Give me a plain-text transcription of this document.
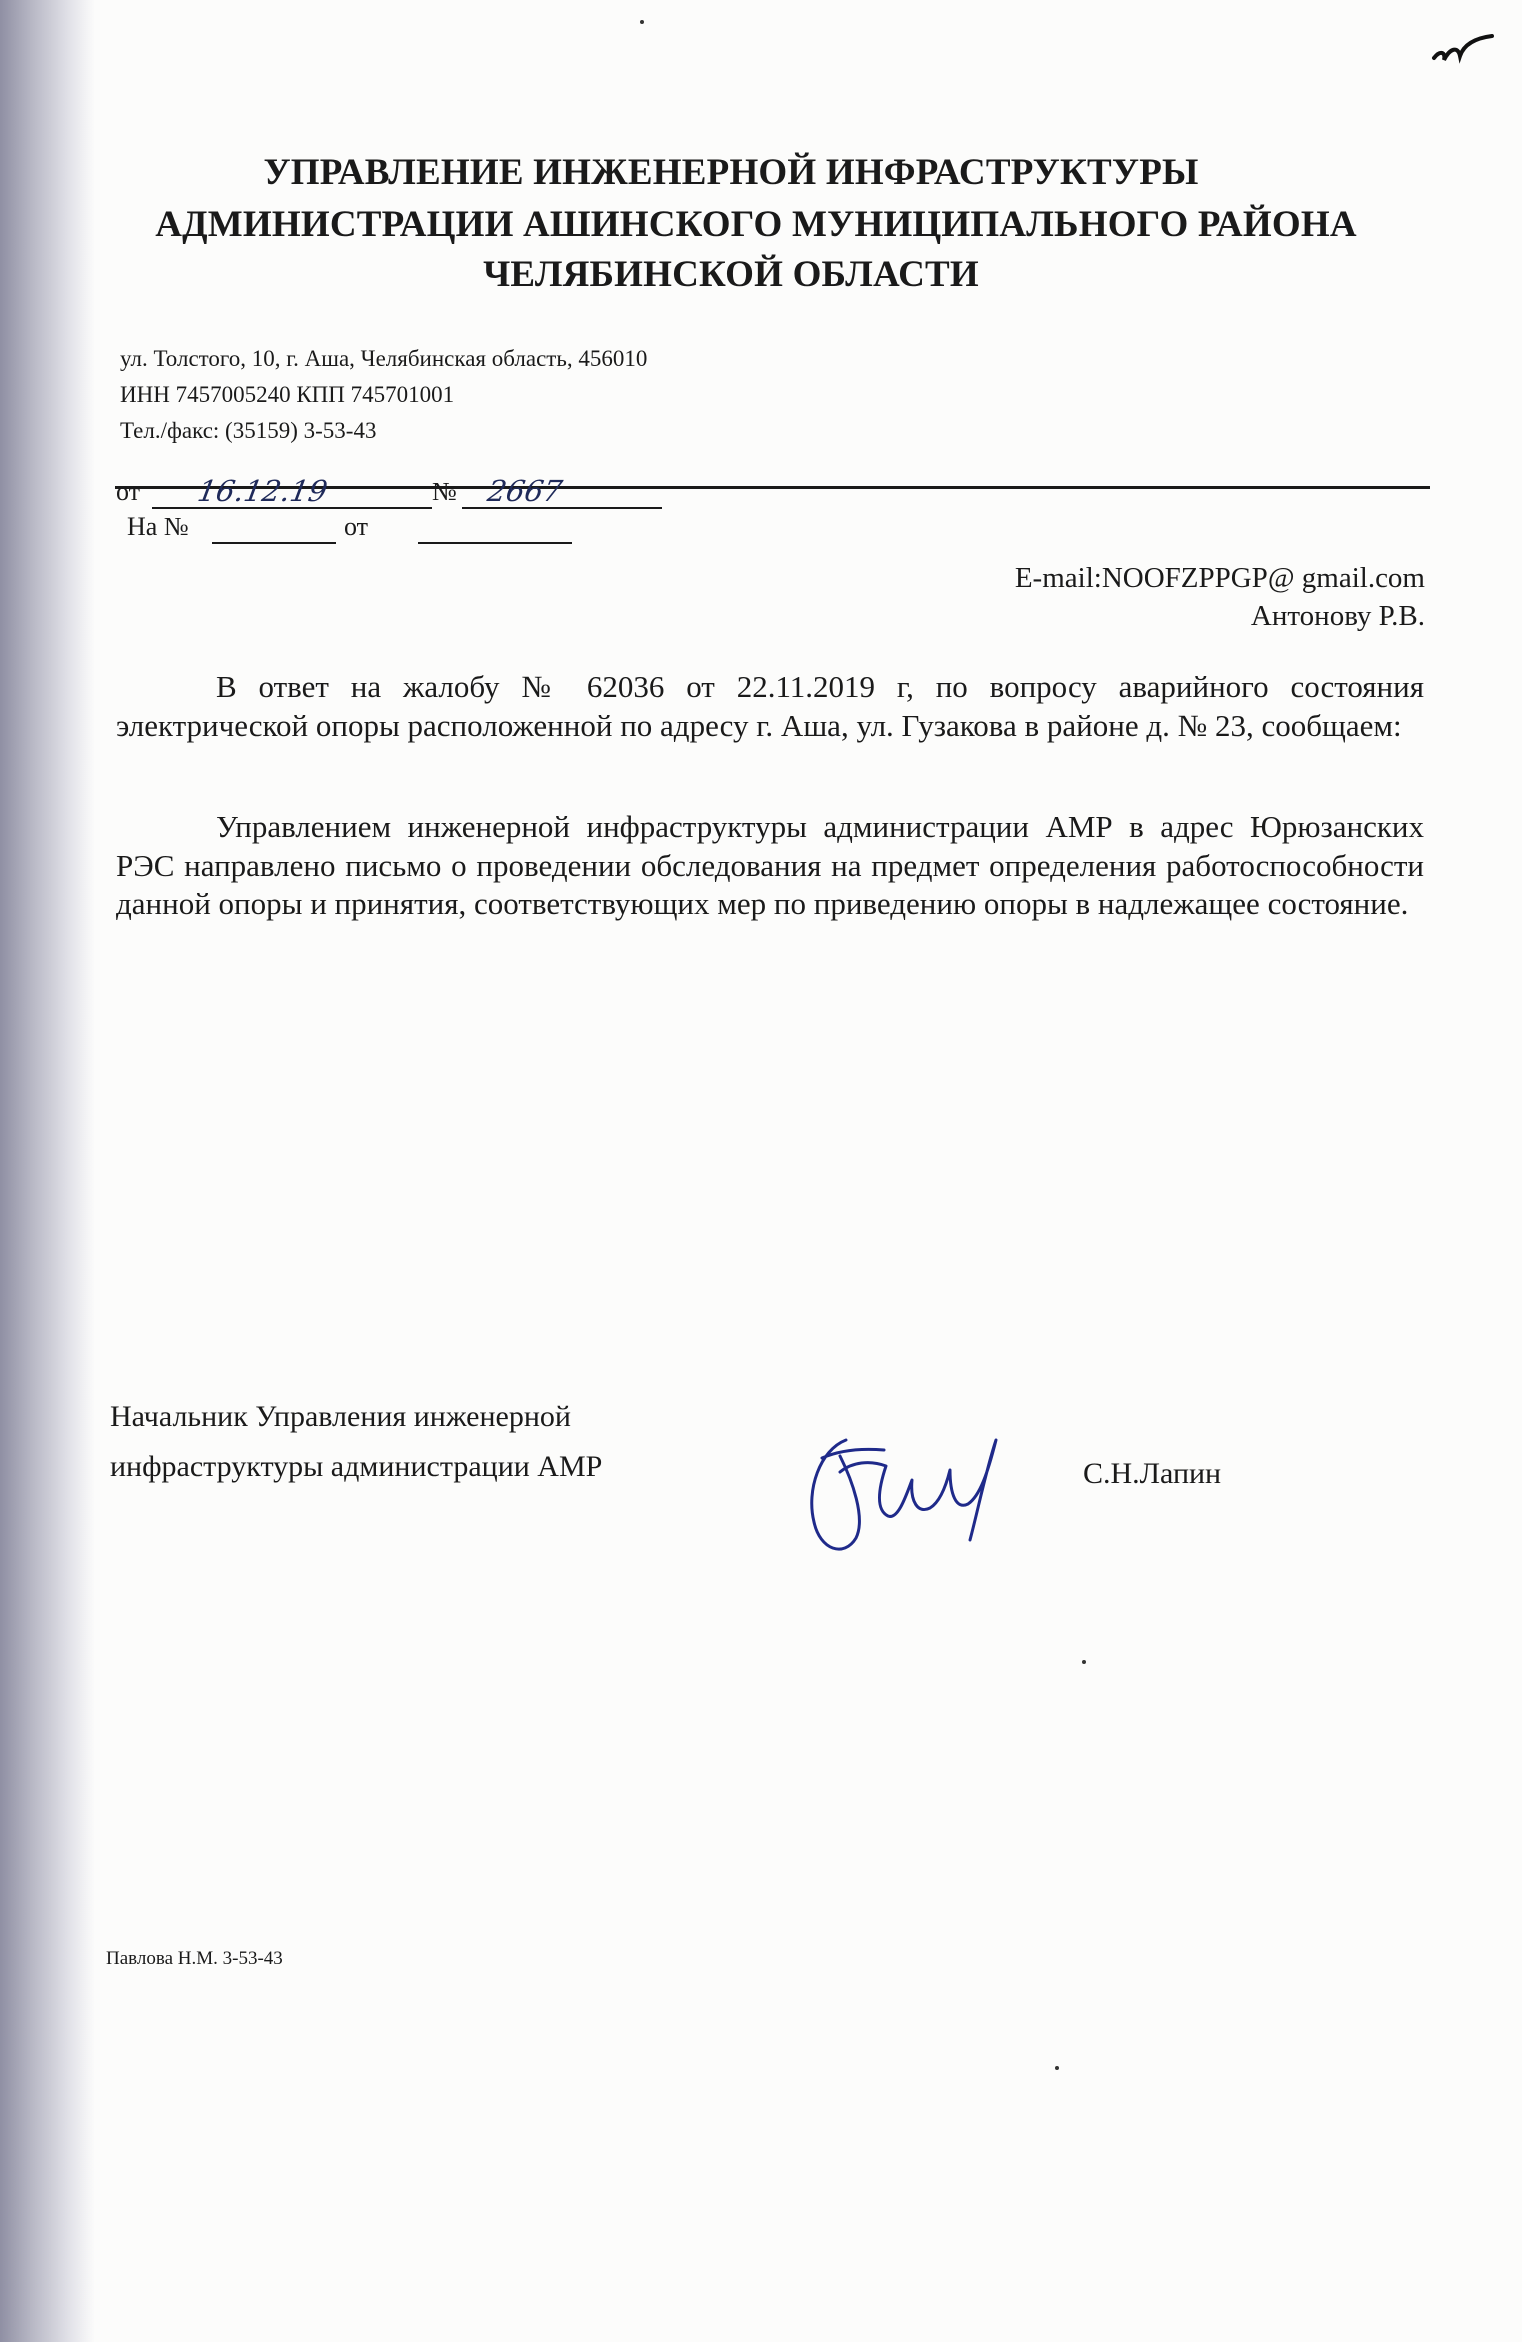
УПРАВЛЕНИЕ ИНЖЕНЕРНОЙ ИНФРАСТРУКТУРЫ
АДМИНИСТРАЦИИ АШИНСКОГО МУНИЦИПАЛЬНОГО РАЙОНА
ЧЕЛЯБИНСКОЙ ОБЛАСТИ
ул. Толстого, 10, г. Аша, Челябинская область, 456010
ИНН 7457005240 КПП 745701001
Тел./факс: (35159) 3-53-43
от 16.12.19	№ 2667
На №	от
E-mail:NOOFZPPGP@ gmail.com
Антонову Р.В.
В ответ на жалобу № 62036 от 22.11.2019 г, по вопросу аварийного состояния электрической опоры расположенной по адресу г. Аша, ул. Гузакова в районе д. № 23, сообщаем:
Управлением инженерной инфраструктуры администрации АМР в адрес Юрюзанских РЭС направлено письмо о проведении обследования на предмет определения работоспособности данной опоры и принятия, соответствующих мер по приведению опоры в надлежащее состояние.
Начальник Управления инженерной
инфраструктуры администрации АМР	С.Н.Лапин
Павлова Н.М. 3-53-43
